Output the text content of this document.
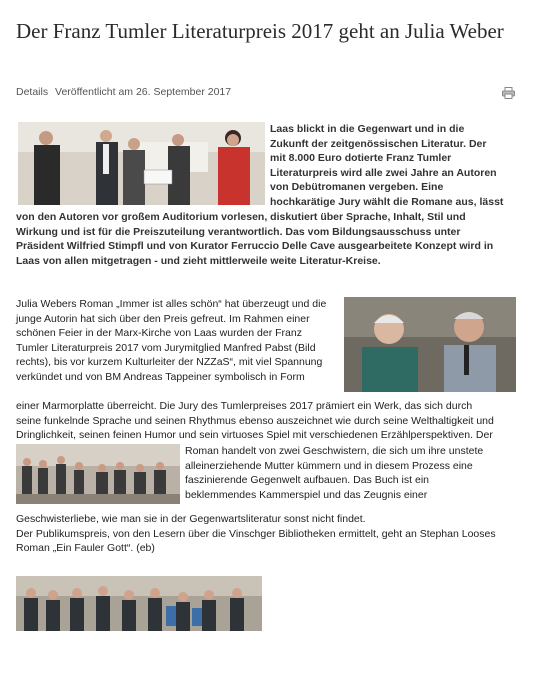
Der Franz Tumler Literaturpreis 2017 geht an Julia Weber
Details Veröffentlicht am 26. September 2017
Laas blickt in die Gegenwart und in die
Zukunft der zeitgenössischen Literatur. Der
mit 8.000 Euro dotierte Franz Tumler
Literaturpreis wird alle zwei Jahre an Autoren
von Debütromanen vergeben. Eine
hochkarätige Jury wählt die Romane aus, lässt
von den Autoren vor großem Auditorium vorlesen, diskutiert über Sprache, Inhalt, Stil und
Wirkung und ist für die Preiszuteilung verantwortlich. Das vom Bildungsausschuss unter
Präsident Wilfried Stimpfl und von Kurator Ferruccio Delle Cave ausgearbeitete Konzept wird in
Laas von allen mitgetragen - und zieht mittlerweile weite Literatur-Kreise.
Julia Webers Roman „Immer ist alles schön“ hat überzeugt und die
junge Autorin hat sich über den Preis gefreut. Im Rahmen einer
schönen Feier in der Marx-Kirche von Laas wurden der Franz
Tumler Literaturpreis 2017 vom Jurymitglied Manfred Pabst (Bild
rechts), bis vor kurzem Kulturleiter der NZZaS“, mit viel Spannung
verkündet und von BM Andreas Tappeiner symbolisch in Form
einer Marmorplatte überreicht. Die Jury des Tumlerpreises 2017 prämiert ein Werk, das sich durch
seine funkelnde Sprache und seinen Rhythmus ebenso auszeichnet wie durch seine Welthaltigkeit und
Dringlichkeit, seinen feinen Humor und sein virtuoses Spiel mit verschiedenen Erzählperspektiven. Der
Roman handelt von zwei Geschwistern, die sich um ihre unstete
alleinerziehende Mutter kümmern und in diesem Prozess eine
faszinierende Gegenwelt aufbauen. Das Buch ist ein
beklemmendes Kammerspiel und das Zeugnis einer
Geschwisterliebe, wie man sie in der Gegenwartsliteratur sonst nicht findet.
Der Publikumspreis, von den Lesern über die Vinschger Bibliotheken ermittelt, geht an Stephan Looses
Roman „Ein Fauler Gott“. (eb)
